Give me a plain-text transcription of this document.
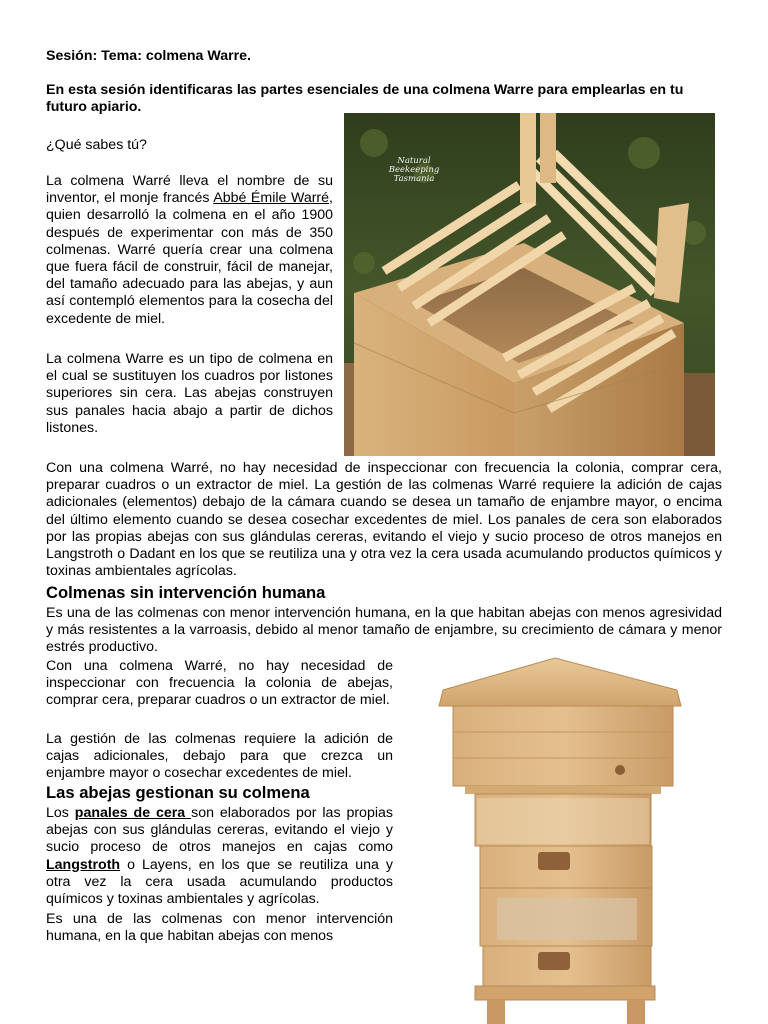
Sesión: Tema: colmena Warre.

En esta sesión identificaras las partes esenciales de una colmena Warre para emplearlas en tu futuro apiario.

¿Qué sabes tú?

La colmena Warré lleva el nombre de su inventor, el monje francés Abbé Émile Warré, quien desarrolló la colmena en el año 1900 después de experimentar con más de 350 colmenas. Warré quería crear una colmena que fuera fácil de construir, fácil de manejar, del tamaño adecuado para las abejas, y aun así contempló elementos para la cosecha del excedente de miel.

La colmena Warre es un tipo de colmena en el cual se sustituyen los cuadros por listones superiores sin cera. Las abejas construyen sus panales hacia abajo a partir de dichos listones.

Natural
Beekeeping
Tasmania

Con una colmena Warré, no hay necesidad de inspeccionar con frecuencia la colonia, comprar cera, preparar cuadros o un extractor de miel. La gestión de las colmenas Warré requiere la adición de cajas adicionales (elementos) debajo de la cámara cuando se desea un tamaño de enjambre mayor, o encima del último elemento cuando se desea cosechar excedentes de miel. Los panales de cera son elaborados por las propias abejas con sus glándulas cereras, evitando el viejo y sucio proceso de otros manejos en Langstroth o Dadant en los que se reutiliza una y otra vez la cera usada acumulando productos químicos y toxinas ambientales agrícolas.

Colmenas sin intervención humana

Es una de las colmenas con menor intervención humana, en la que habitan abejas con menos agresividad y más resistentes a la varroasis, debido al menor tamaño de enjambre, su crecimiento de cámara y menor estrés productivo.

Con una colmena Warré, no hay necesidad de inspeccionar con frecuencia la colonia de abejas, comprar cera, preparar cuadros o un extractor de miel.

La gestión de las colmenas requiere la adición de cajas adicionales, debajo para que crezca un enjambre mayor o cosechar excedentes de miel.

Las abejas gestionan su colmena

Los panales de cera son elaborados por las propias abejas con sus glándulas cereras, evitando el viejo y sucio proceso de otros manejos en cajas como Langstroth o Layens, en los que se reutiliza una y otra vez la cera usada acumulando productos químicos y toxinas ambientales y agrícolas.

Es una de las colmenas con menor intervención humana, en la que habitan abejas con menos
